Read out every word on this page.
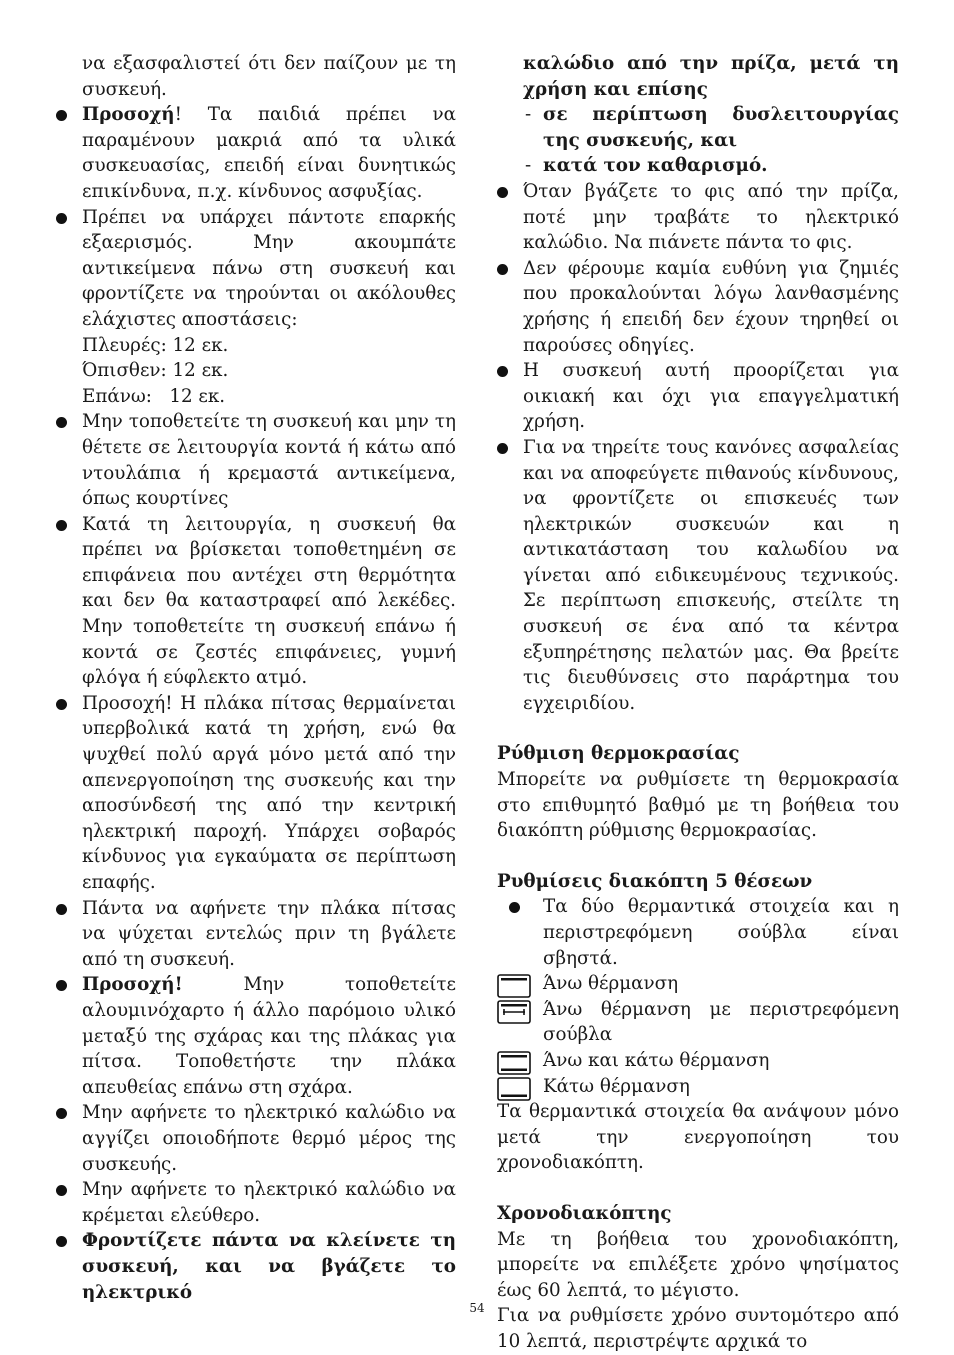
να εξασφαλιστεί ότι δεν παίζουν με τη συσκευή.

Προσοχή! Τα παιδιά πρέπει να παραμένουν μακριά από τα υλικά συσκευασίας, επειδή είναι δυνητικώς επικίνδυνα, π.χ. κίνδυνος ασφυξίας.
Πρέπει να υπάρχει πάντοτε επαρκής εξαερισμός. Μην ακουμπάτε αντικείμενα πάνω στη συσκευή και φροντίζετε να τηρούνται οι ακόλουθες ελάχιστες αποστάσεις:

Πλευρές: 12 εκ.

Όπισθεν: 12 εκ.

Επάνω:   12 εκ.

Μην τοποθετείτε τη συσκευή και μην τη θέτετε σε λειτουργία κοντά ή κάτω από ντουλάπια ή κρεμαστά αντικείμενα, όπως κουρτίνες
Κατά τη λειτουργία, η συσκευή θα πρέπει να βρίσκεται τοποθετημένη σε επιφάνεια που αντέχει στη θερμότητα και δεν θα καταστραφεί από λεκέδες. Μην τοποθετείτε τη συσκευή επάνω ή κοντά σε ζεστές επιφάνειες, γυμνή φλόγα ή εύφλεκτο ατμό.
Προσοχή! Η πλάκα πίτσας θερμαίνεται υπερβολικά κατά τη χρήση, ενώ θα ψυχθεί πολύ αργά μόνο μετά από την απενεργοποίηση της συσκευής και την αποσύνδεσή της από την κεντρική ηλεκτρική παροχή. Υπάρχει σοβαρός κίνδυνος για εγκαύματα σε περίπτωση επαφής.
Πάντα να αφήνετε την πλάκα πίτσας να ψύχεται εντελώς πριν τη βγάλετε από τη συσκευή.
Προσοχή! Μην τοποθετείτε αλουμινόχαρτο ή άλλο παρόμοιο υλικό μεταξύ της σχάρας και της πλάκας για πίτσα. Τοποθετήστε την πλάκα απευθείας επάνω στη σχάρα.
Μην αφήνετε το ηλεκτρικό καλώδιο να αγγίζει οποιοδήποτε θερμό μέρος της συσκευής.
Μην αφήνετε το ηλεκτρικό καλώδιο να κρέμεται ελεύθερο.
Φροντίζετε πάντα να κλείνετε τη συσκευή, και να βγάζετε το ηλεκτρικό

καλώδιο από την πρίζα, μετά τη χρήση και επίσης

- σε περίπτωση δυσλειτουργίας της συσκευής, και
- κατά τον καθαρισμό.
Όταν βγάζετε το φις από την πρίζα, ποτέ μην τραβάτε το ηλεκτρικό καλώδιο. Να πιάνετε πάντα το φις.
Δεν φέρουμε καμία ευθύνη για ζημιές που προκαλούνται λόγω λανθασμένης χρήσης ή επειδή δεν έχουν τηρηθεί οι παρούσες οδηγίες.
Η συσκευή αυτή προορίζεται για οικιακή και όχι για επαγγελματική χρήση.
Για να τηρείτε τους κανόνες ασφαλείας και να αποφεύγετε πιθανούς κίνδυνους, να φροντίζετε οι επισκευές των ηλεκτρικών συσκευών και η αντικατάσταση του καλωδίου να γίνεται από ειδικευμένους τεχνικούς. Σε περίπτωση επισκευής, στείλτε τη συσκευή σε ένα από τα κέντρα εξυπηρέτησης πελατών μας. Θα βρείτε τις διευθύνσεις στο παράρτημα του εγχειριδίου.

Ρύθμιση θερμοκρασίας

Μπορείτε να ρυθμίσετε τη θερμοκρασία στο επιθυμητό βαθμό με τη βοήθεια του διακόπτη ρύθμισης θερμοκρασίας.

Ρυθμίσεις διακόπτη 5 θέσεων

Τα δύο θερμαντικά στοιχεία και η περιστρεφόμενη σούβλα είναι σβηστά.

Άνω θέρμανση

Άνω θέρμανση με περιστρεφόμενη σούβλα

Άνω και κάτω θέρμανση

Κάτω θέρμανση

Τα θερμαντικά στοιχεία θα ανάψουν μόνο μετά την ενεργοποίηση του χρονοδιακόπτη.

Χρονοδιακόπτης

Με τη βοήθεια του χρονοδιακόπτη, μπορείτε να επιλέξετε χρόνο ψησίματος έως 60 λεπτά, το μέγιστο.

Για να ρυθμίσετε χρόνο συντομότερο από 10 λεπτά, περιστρέψτε αρχικά το

54
